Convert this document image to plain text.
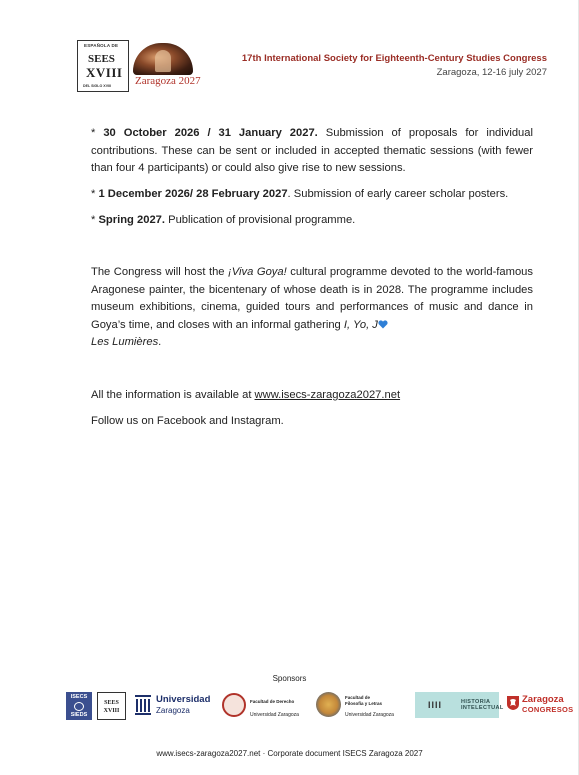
ESPAÑOLA DE
SEES
XVIII
DEL SIGLO XVIII Zaragoza 2027
17th International Society for Eighteenth-Century Studies Congress
Zaragoza, 12-16 july 2027

* 30 October 2026 / 31 January 2027. Submission of proposals for individual contributions. These can be sent or included in accepted thematic sessions (with fewer than four 4 participants) or could also give rise to new sessions.

* 1 December 2026/ 28 February 2027. Submission of early career scholar posters.

* Spring 2027. Publication of provisional programme.

The Congress will host the ¡Viva Goya! cultural programme devoted to the world-famous Aragonese painter, the bicentenary of whose death is in 2028. The programme includes museum exhibitions, cinema, guided tours and performances of music and dance in Goya’s time, and closes with an informal gathering I, Yo, J
Les Lumières.

All the information is available at www.isecs-zaragoza2027.net

Follow us on Facebook and Instagram.

Sponsors
ISECS
SIEDS
SEES
XVIII
Universidad
Zaragoza
Facultad de Derecho
Universidad Zaragoza
Facultad de
Filosofía y Letras
Universidad Zaragoza
IIII	HISTORIA
INTELECTUAL
Zaragoza
CONGRESOS
www.isecs-zaragoza2027.net · Corporate document ISECS Zaragoza 2027
